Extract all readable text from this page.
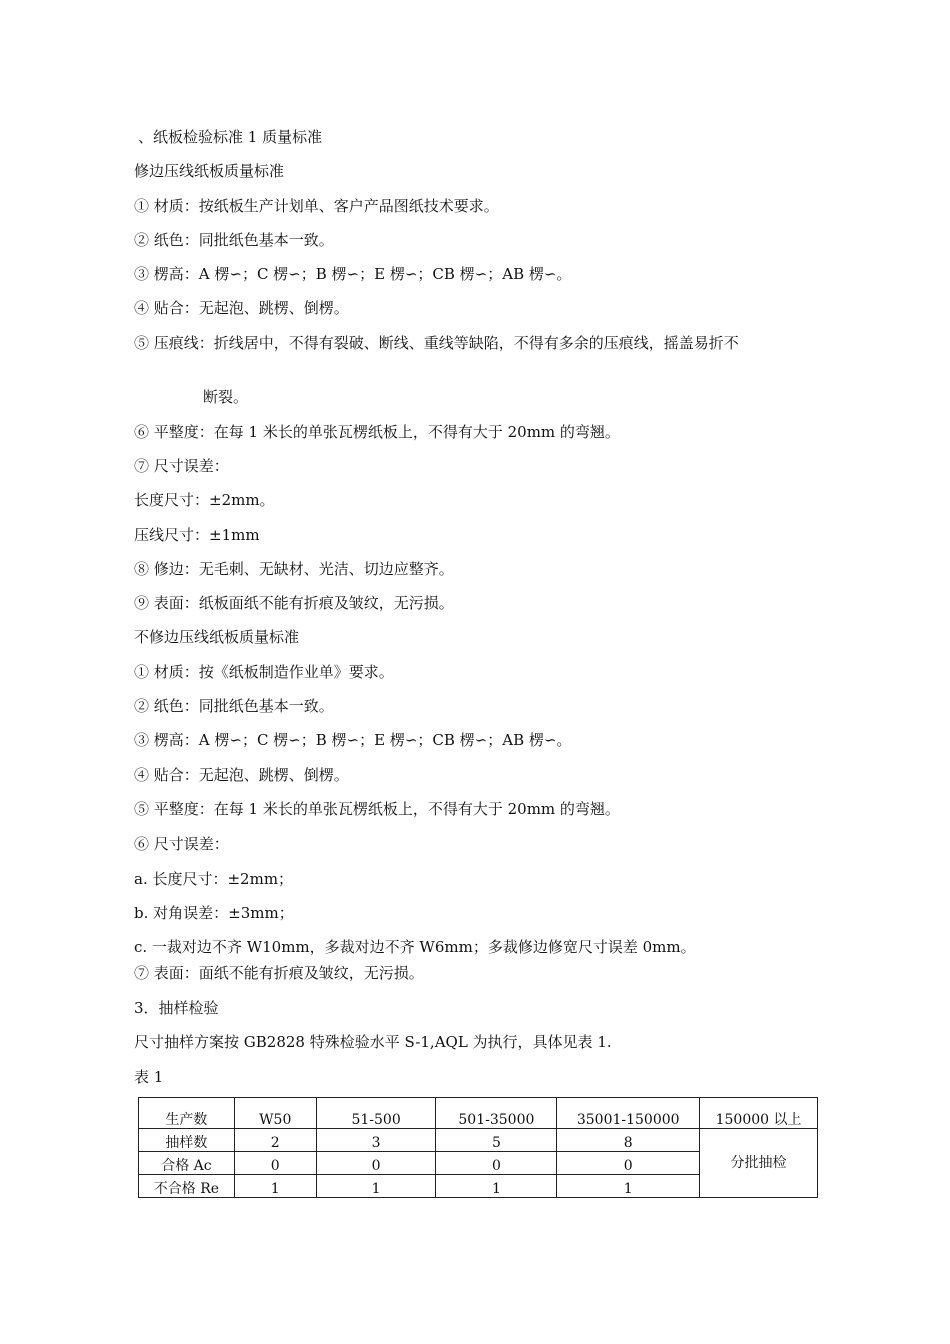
、纸板检验标准 1 质量标准
修边压线纸板质量标准
① 材质：按纸板生产计划单、客户产品图纸技术要求。
② 纸色：同批纸色基本一致。
③ 楞高：A 楞∽；C 楞∽；B 楞∽；E 楞∽；CB 楞∽；AB 楞∽。
④ 贴合：无起泡、跳楞、倒楞。
⑤ 压痕线：折线居中，不得有裂破、断线、重线等缺陷，不得有多余的压痕线，摇盖易折不
断裂。
⑥ 平整度：在每 1 米长的单张瓦楞纸板上，不得有大于 20mm 的弯翘。
⑦ 尺寸误差：
长度尺寸：±2mm。
压线尺寸：±1mm
⑧ 修边：无毛刺、无缺材、光洁、切边应整齐。
⑨ 表面：纸板面纸不能有折痕及皱纹，无污损。
不修边压线纸板质量标准
① 材质：按《纸板制造作业单》要求。
② 纸色：同批纸色基本一致。
③ 楞高：A 楞∽；C 楞∽；B 楞∽；E 楞∽；CB 楞∽；AB 楞∽。
④ 贴合：无起泡、跳楞、倒楞。
⑤ 平整度：在每 1 米长的单张瓦楞纸板上，不得有大于 20mm 的弯翘。
⑥ 尺寸误差：
a. 长度尺寸：±2mm；
b. 对角误差：±3mm；
c. 一裁对边不齐 W10mm，多裁对边不齐 W6mm；多裁修边修宽尺寸误差 0mm。
⑦ 表面：面纸不能有折痕及皱纹，无污损。
3．抽样检验
尺寸抽样方案按 GB2828 特殊检验水平 S-1,AQL 为执行，具体见表 1.
表 1
生产数	W50	51-500	501-35000	35001-150000	150000 以上
抽样数	2	3	5	8	分批抽检
合格 Ac	0	0	0	0	
不合格 Re	1	1	1	1	
